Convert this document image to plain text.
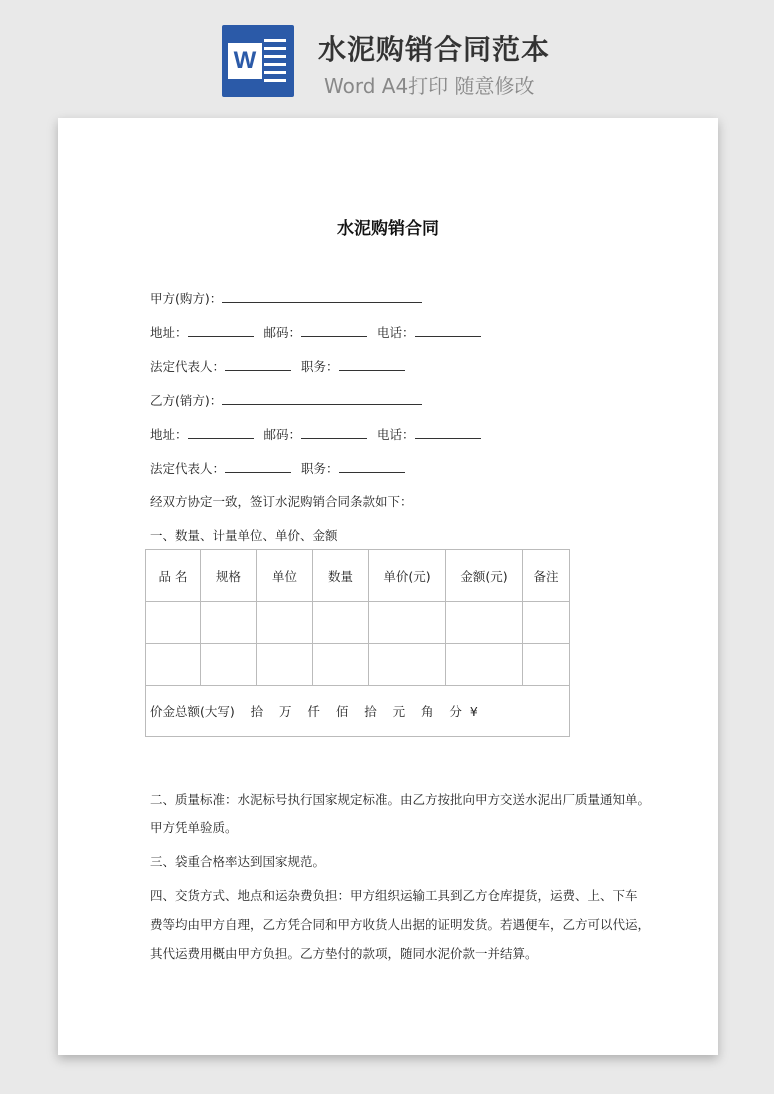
W 水泥购销合同范本
Word A4打印 随意修改

水泥购销合同
甲方(购方)：
地址：	邮码：	电话：
法定代表人：	职务：
乙方(销方)：
地址：	邮码：	电话：
法定代表人：	职务：
经双方协定一致，签订水泥购销合同条款如下：
一、数量、计量单位、单价、金额
品 名	规格	单位	数量	单价(元)	金额(元)	备注

价金总额(大写)    拾    万    仟    佰    拾    元    角    分  ¥						
二、质量标准：水泥标号执行国家规定标准。由乙方按批向甲方交送水泥出厂质量通知单。
甲方凭单验质。
三、袋重合格率达到国家规范。
四、交货方式、地点和运杂费负担：甲方组织运输工具到乙方仓库提货，运费、上、下车
费等均由甲方自理，乙方凭合同和甲方收货人出据的证明发货。若遇便车，乙方可以代运，
其代运费用概由甲方负担。乙方垫付的款项，随同水泥价款一并结算。
